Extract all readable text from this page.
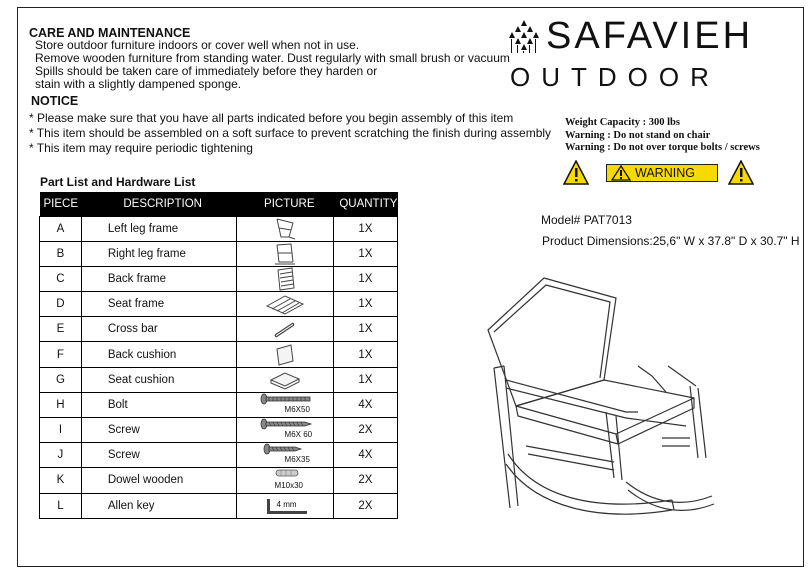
CARE AND MAINTENANCE
Store outdoor furniture indoors or cover well when not in use.
Remove wooden furniture from standing water. Dust regularly with small brush or vacuum
Spills should be taken care of immediately before they harden or
stain with a slightly dampened sponge.
NOTICE
* Please make sure that you have all parts indicated before you begin assembly of this item
* This item should be assembled on a soft surface to prevent scratching the finish during assembly
* This item may require periodic tightening
SAFAVIEH
OUTDOOR
Weight Capacity : 300 lbs
Warning : Do not stand on chair
Warning : Do not over torque bolts / screws
WARNING
Model# PAT7013
Product Dimensions:25,6" W x 37.8" D x 30.7" H
Part List and Hardware List
PIECE	DESCRIPTION	PICTURE	QUANTITY
A	Left leg frame		1X
B	Right leg frame		1X
C	Back frame		1X
D	Seat frame		1X
E	Cross bar		1X
F	Back cushion		1X
G	Seat cushion		1X
H	Bolt	M6X50	4X
I	Screw	M6X 60	2X
J	Screw	M6X35	4X
K	Dowel wooden	M10x30	2X
L	Allen key	4 mm	2X
